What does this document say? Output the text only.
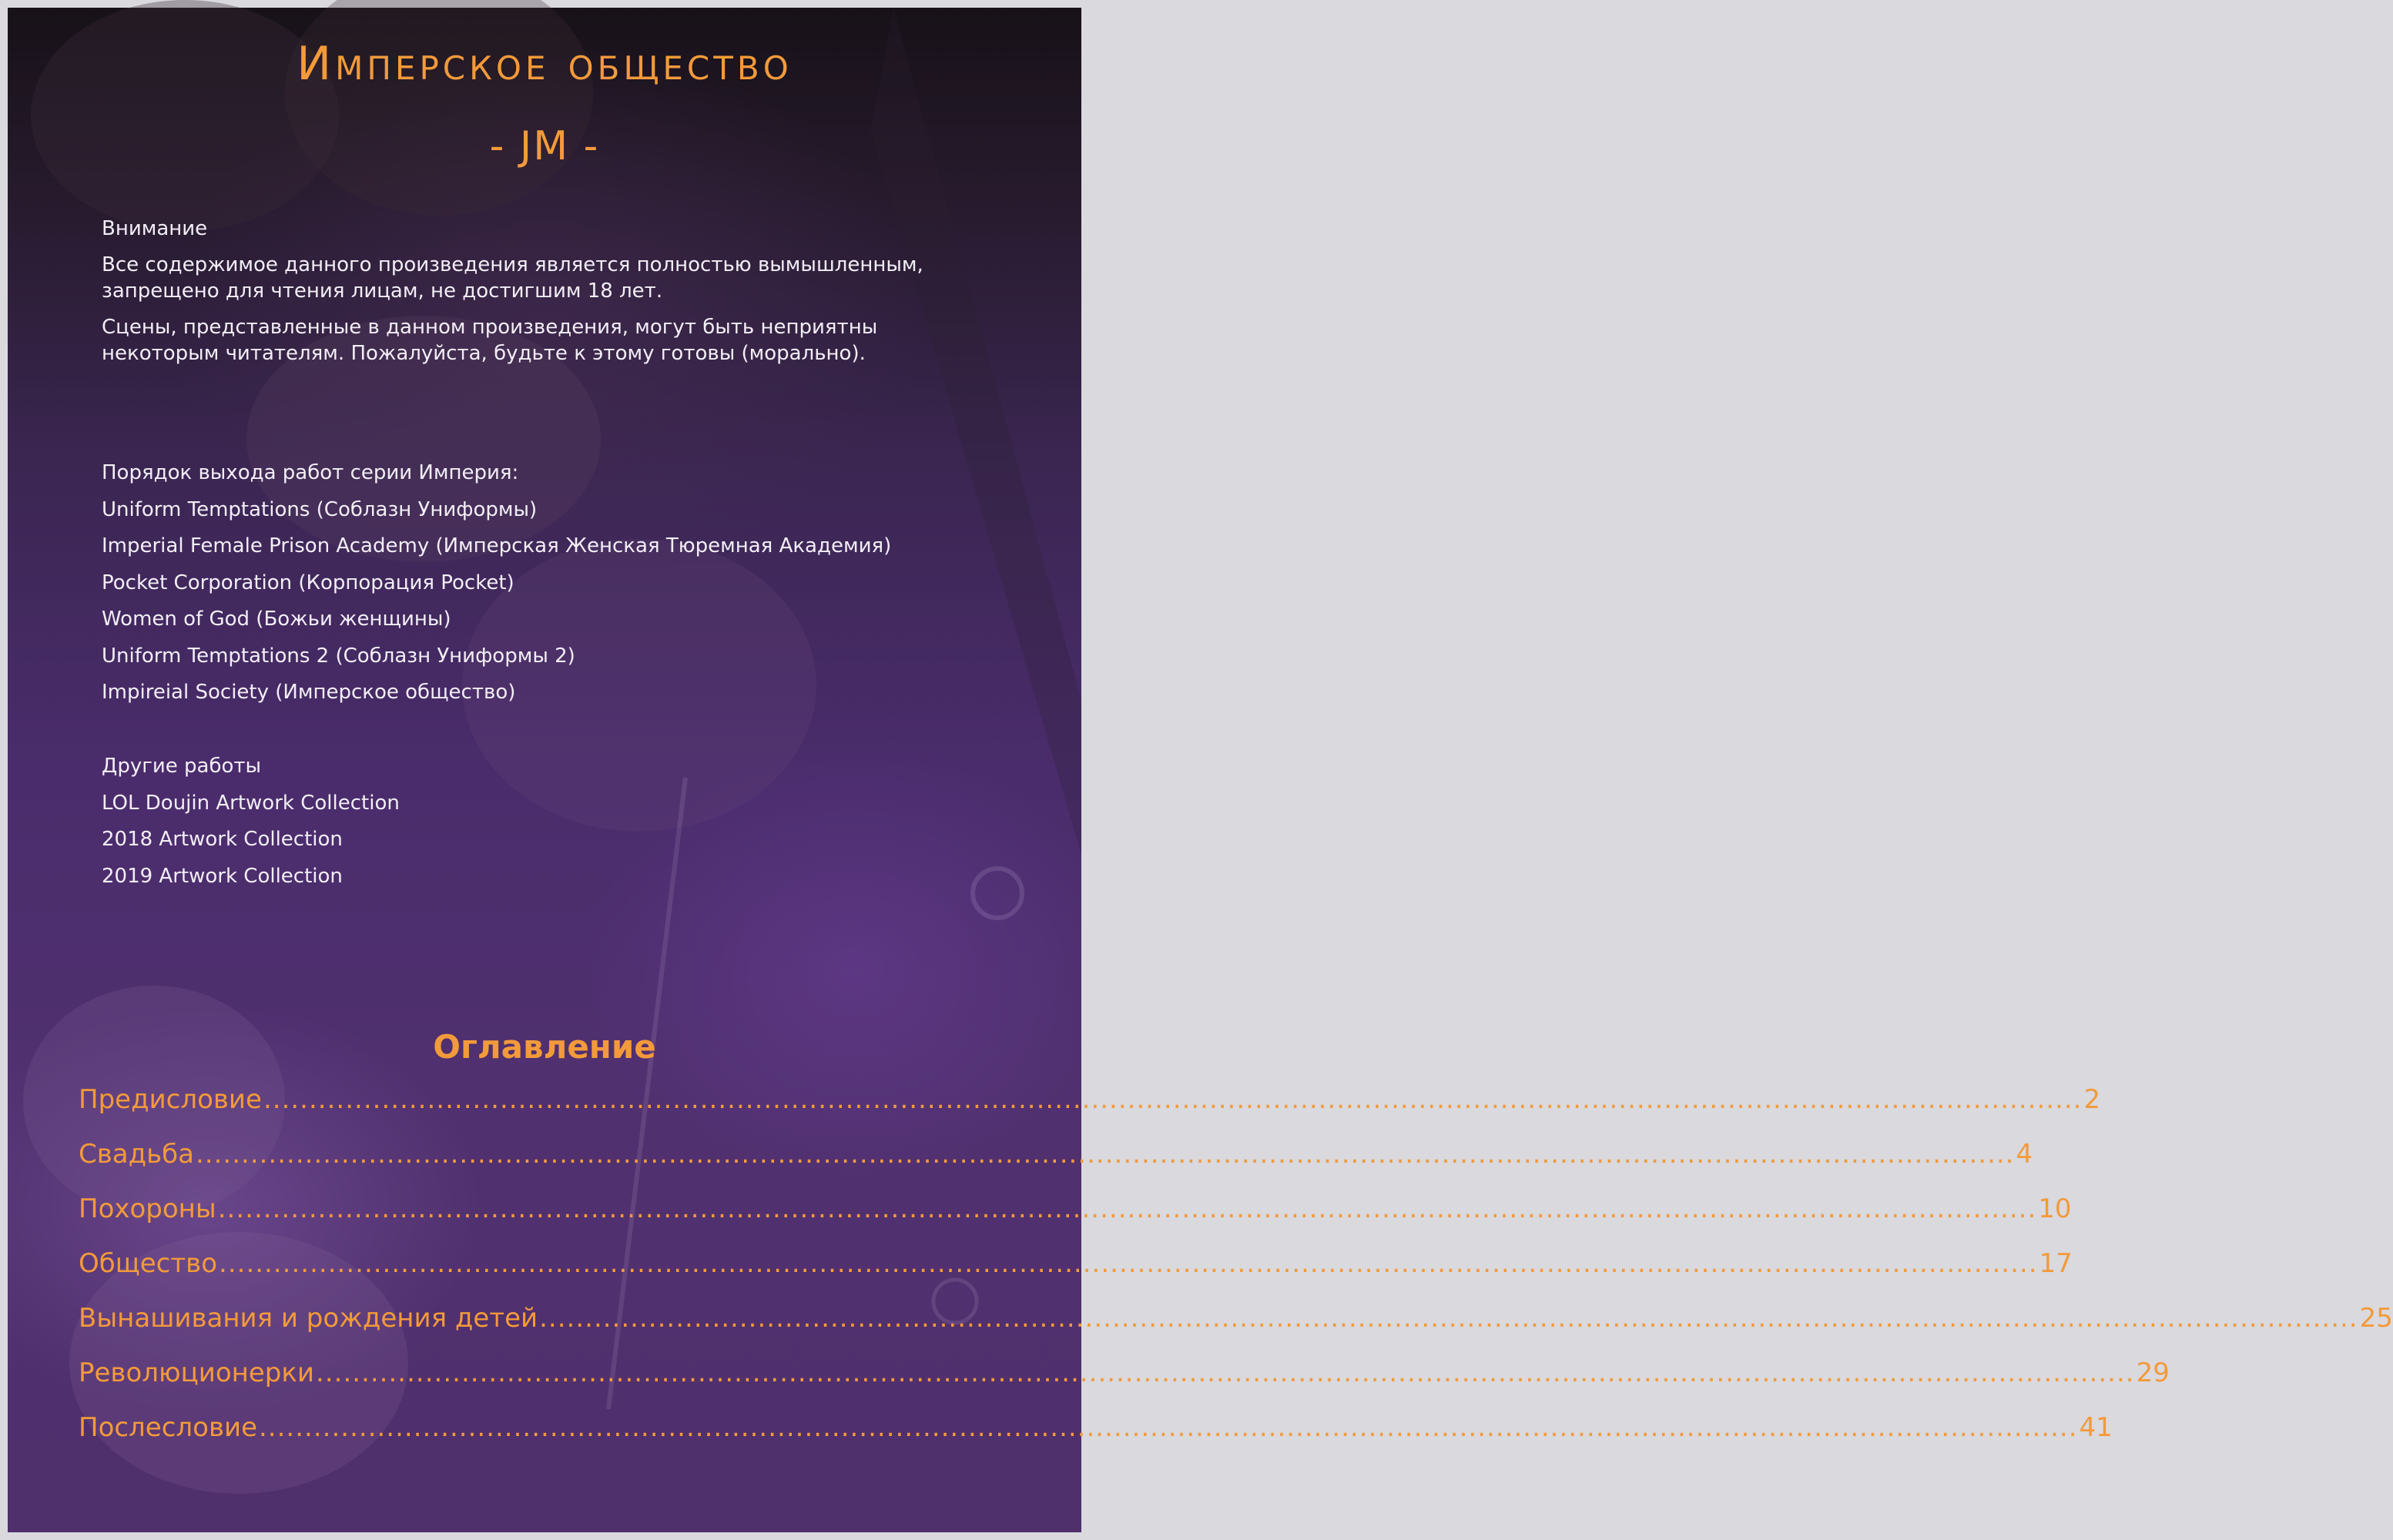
Имперское общество
- JM -

Внимание

Все содержимое данного произведения является полностью вымышленным, запрещено для чтения лицам, не достигшим 18 лет.

Сцены, представленные в данном произведения, могут быть неприятны некоторым читателям. Пожалуйста, будьте к этому готовы (морально).

Порядок выхода работ серии Империя:

Uniform Temptations (Соблазн Униформы)

Imperial Female Prison Academy (Имперская Женская Тюремная Академия)

Pocket Corporation (Корпорация Pocket)

Women of God (Божьи женщины)

Uniform Temptations 2 (Соблазн Униформы 2)

Impireial Society (Имперское общество)

Другие работы

LOL Doujin Artwork Collection

2018 Artwork Collection

2019 Artwork Collection

Оглавление
Предисловие ........................................................................................................................................................................................................ 2
Свадьба ........................................................................................................................................................................................................ 4
Похороны ........................................................................................................................................................................................................ 10
Общество ........................................................................................................................................................................................................ 17
Вынашивания и рождения детей ........................................................................................................................................................................................................ 25
Революционерки ........................................................................................................................................................................................................ 29
Послесловие ........................................................................................................................................................................................................ 41
